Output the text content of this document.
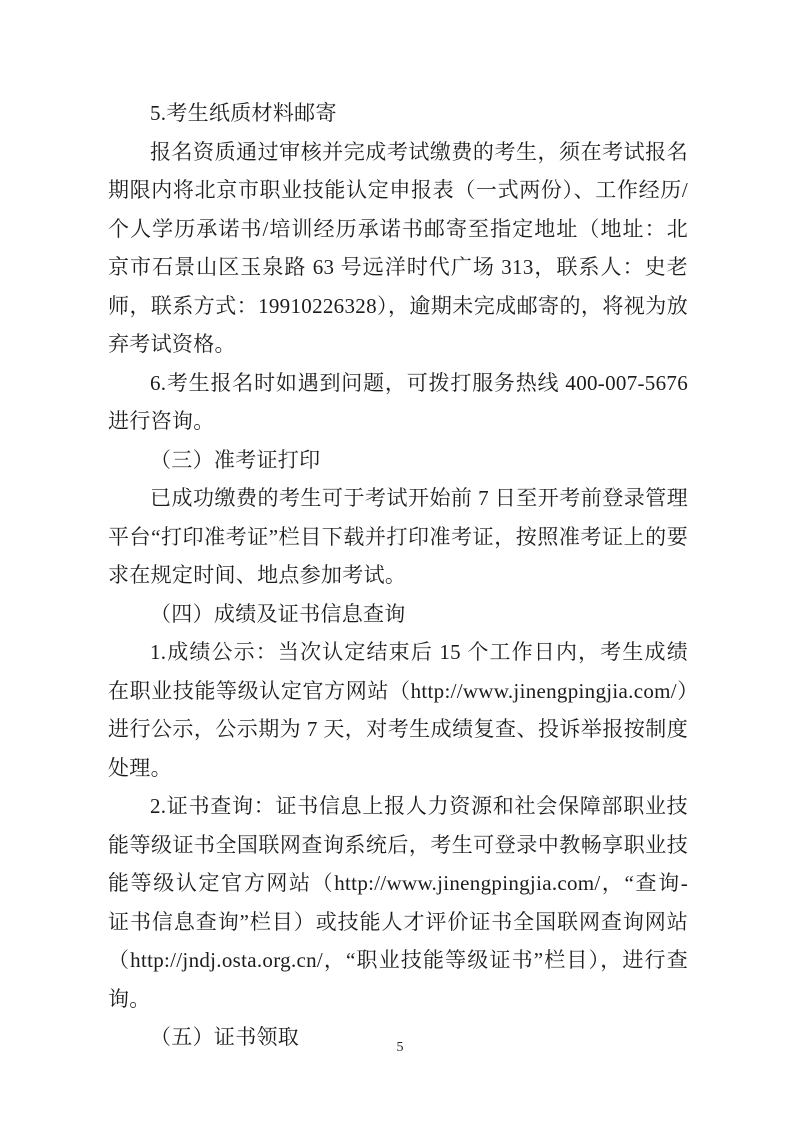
5.考生纸质材料邮寄

报名资质通过审核并完成考试缴费的考生，须在考试报名期限内将北京市职业技能认定申报表（一式两份）、工作经历/个人学历承诺书/培训经历承诺书邮寄至指定地址（地址：北京市石景山区玉泉路 63 号远洋时代广场 313，联系人：史老师，联系方式：19910226328），逾期未完成邮寄的，将视为放弃考试资格。

6.考生报名时如遇到问题，可拨打服务热线 400-007-5676 进行咨询。

（三）准考证打印

已成功缴费的考生可于考试开始前 7 日至开考前登录管理平台“打印准考证”栏目下载并打印准考证，按照准考证上的要求在规定时间、地点参加考试。

（四）成绩及证书信息查询

1.成绩公示：当次认定结束后 15 个工作日内，考生成绩在职业技能等级认定官方网站（http://www.jinengpingjia.com/）进行公示，公示期为 7 天，对考生成绩复查、投诉举报按制度处理。

2.证书查询：证书信息上报人力资源和社会保障部职业技能等级证书全国联网查询系统后，考生可登录中教畅享职业技能等级认定官方网站（http://www.jinengpingjia.com/，“查询-证书信息查询”栏目）或技能人才评价证书全国联网查询网站（http://jndj.osta.org.cn/，“职业技能等级证书”栏目），进行查询。

（五）证书领取	5
